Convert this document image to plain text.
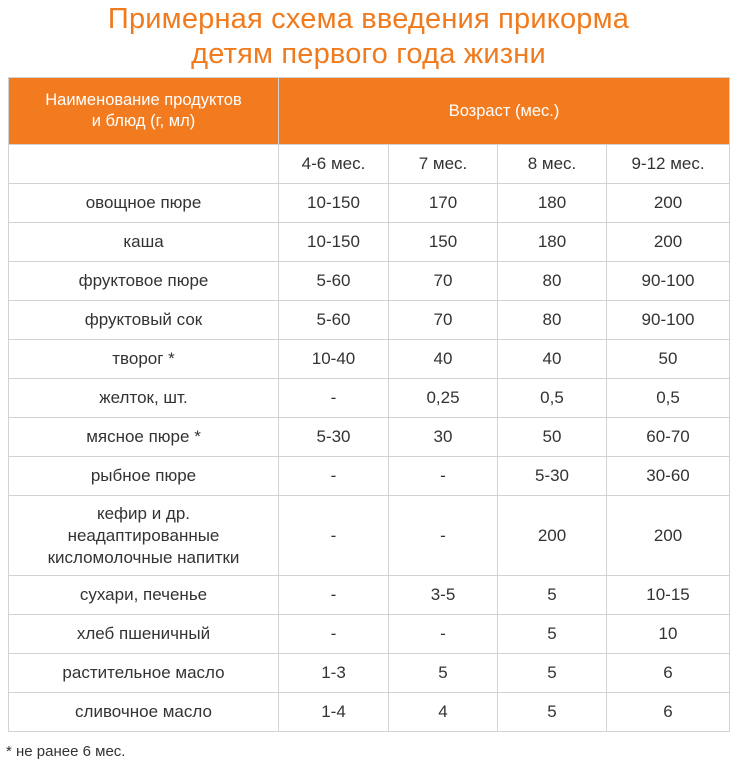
Примерная схема введения прикорма
детям первого года жизни
Наименование продуктов
и блюд (г, мл)	Возраст (мес.)			
	4-6 мес.	7 мес.	8 мес.	9-12 мес.
овощное пюре	10-150	170	180	200
каша	10-150	150	180	200
фруктовое пюре	5-60	70	80	90-100
фруктовый сок	5-60	70	80	90-100
творог *	10-40	40	40	50
желток, шт.	-	0,25	0,5	0,5
мясное пюре *	5-30	30	50	60-70
рыбное пюре	-	-	5-30	30-60

кефир и др.
неадаптированные
кисломолочные напитки	-	-	200	200
сухари, печенье	-	3-5	5	10-15
хлеб пшеничный	-	-	5	10
растительное масло	1-3	5	5	6
сливочное масло	1-4	4	5	6
* не ранее 6 мес.
